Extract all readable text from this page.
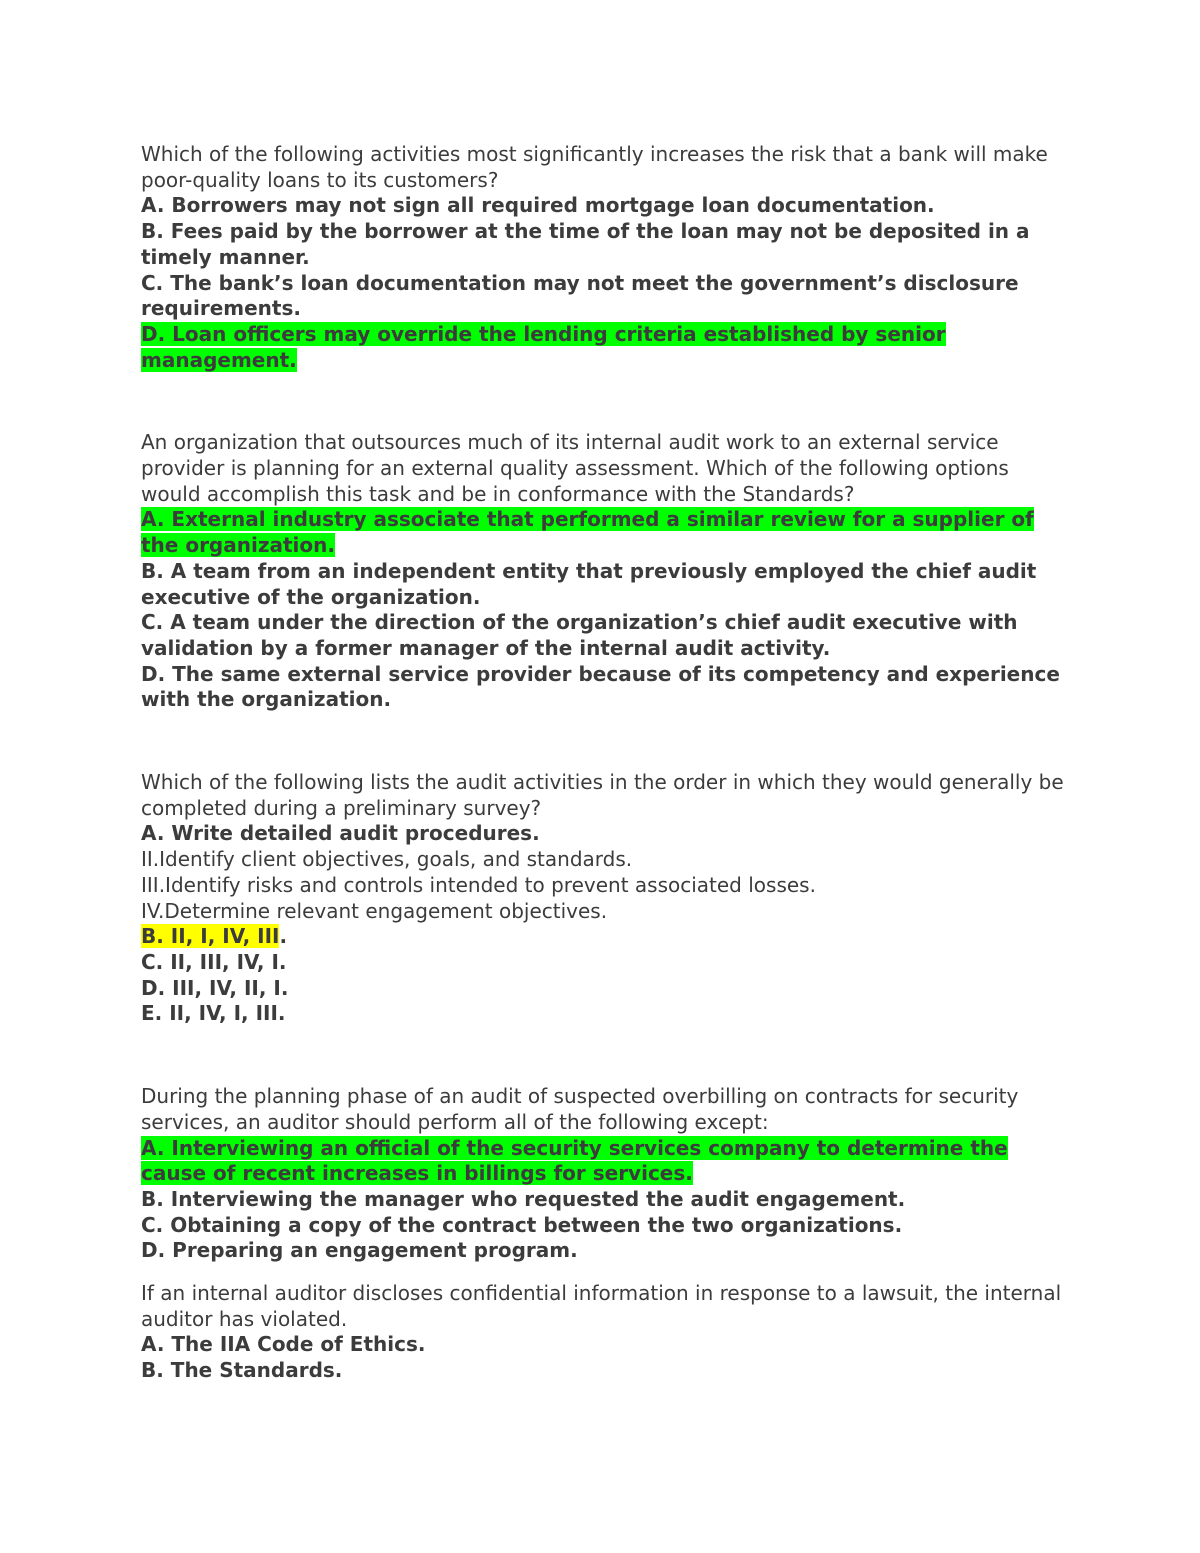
Which of the following activities most significantly increases the risk that a bank will make poor-quality loans to its customers?
A. Borrowers may not sign all required mortgage loan documentation.
B. Fees paid by the borrower at the time of the loan may not be deposited in a timely manner.
C. The bank’s loan documentation may not meet the government’s disclosure requirements.
D. Loan officers may override the lending criteria established by senior management.
An organization that outsources much of its internal audit work to an external service provider is planning for an external quality assessment. Which of the following options would accomplish this task and be in conformance with the Standards?
A. External industry associate that performed a similar review for a supplier of the organization.
B. A team from an independent entity that previously employed the chief audit executive of the organization.
C. A team under the direction of the organization’s chief audit executive with validation by a former manager of the internal audit activity.
D. The same external service provider because of its competency and experience with the organization.
Which of the following lists the audit activities in the order in which they would generally be completed during a preliminary survey?
A. Write detailed audit procedures.
II.Identify client objectives, goals, and standards.
III.Identify risks and controls intended to prevent associated losses.
IV.Determine relevant engagement objectives.
B. II, I, IV, III.
C. II, III, IV, I.
D. III, IV, II, I.
E. II, IV, I, III.
During the planning phase of an audit of suspected overbilling on contracts for security services, an auditor should perform all of the following except:
A. Interviewing an official of the security services company to determine the cause of recent increases in billings for services.
B. Interviewing the manager who requested the audit engagement.
C. Obtaining a copy of the contract between the two organizations.
D. Preparing an engagement program.
If an internal auditor discloses confidential information in response to a lawsuit, the internal auditor has violated.
A. The IIA Code of Ethics.
B. The Standards.
